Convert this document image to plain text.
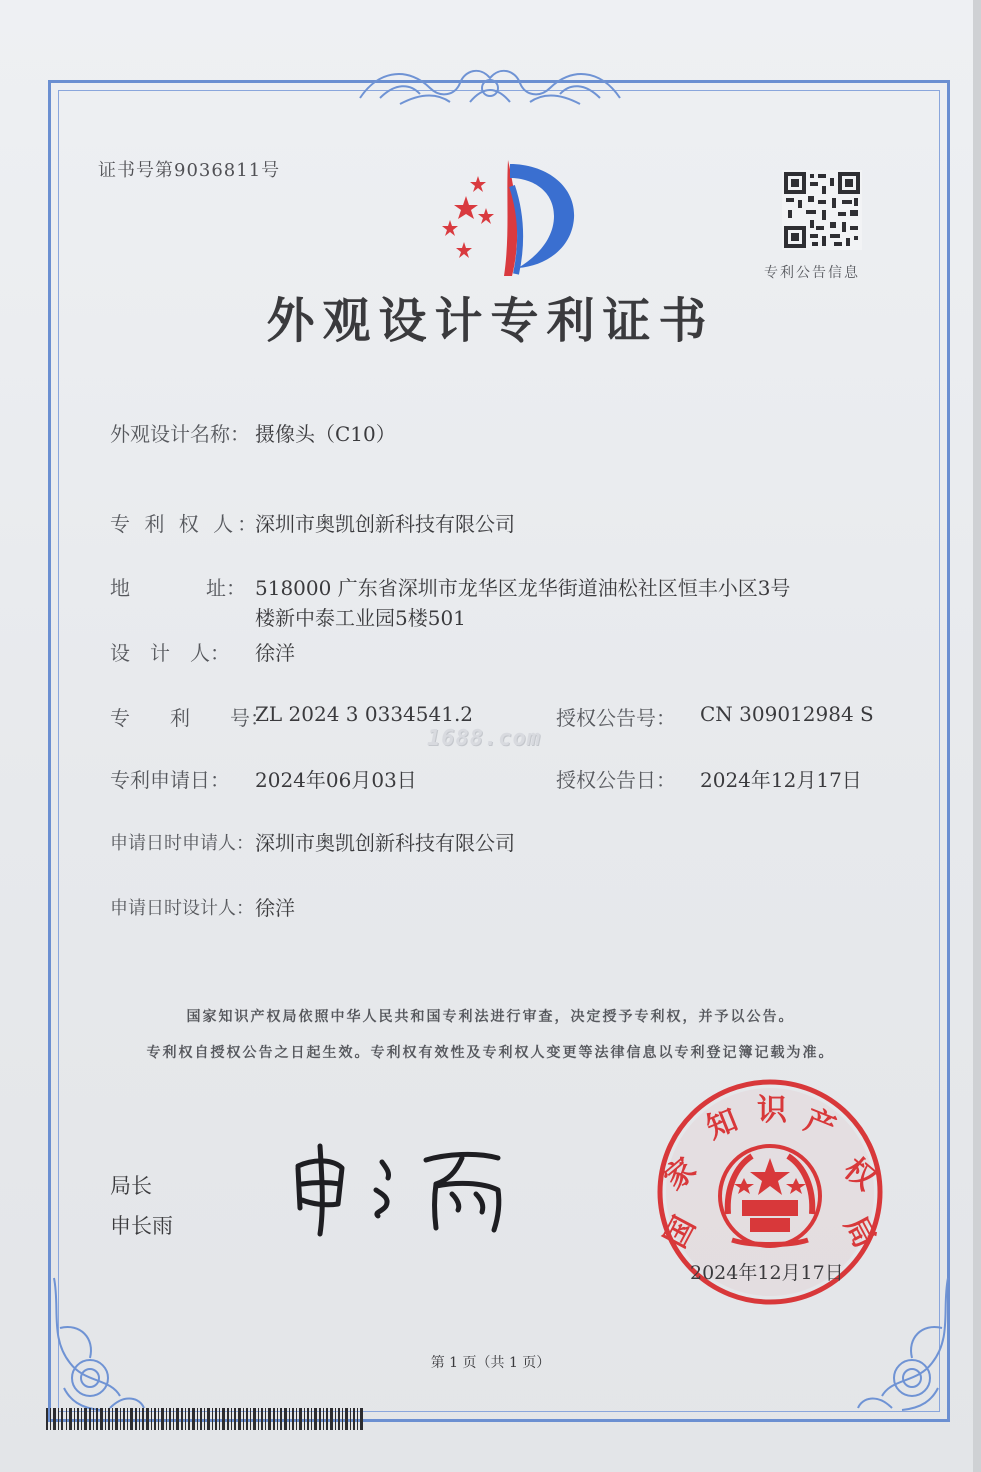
证书号第9036811号
专利公告信息
外观设计专利证书
外观设计名称： 摄像头（C10）
专 利 权 人：
深圳市奥凯创新科技有限公司
地	址： 518000 广东省深圳市龙华区龙华街道油松社区恒丰小区3号
楼新中泰工业园5楼501
设　计　人： 徐洋
专　　利　　号：
ZL 2024 3 0334541.2	授权公告号： CN 309012984 S
1688.com
专利申请日： 2024年06月03日	授权公告日： 2024年12月17日
申请日时申请人： 深圳市奥凯创新科技有限公司
申请日时设计人： 徐洋
国家知识产权局依照中华人民共和国专利法进行审查，决定授予专利权，并予以公告。
专利权自授权公告之日起生效。专利权有效性及专利权人变更等法律信息以专利登记簿记载为准。
局长
申长雨	国
家
知 识 产
权
局
2024年12月17日
第 1 页（共 1 页）
